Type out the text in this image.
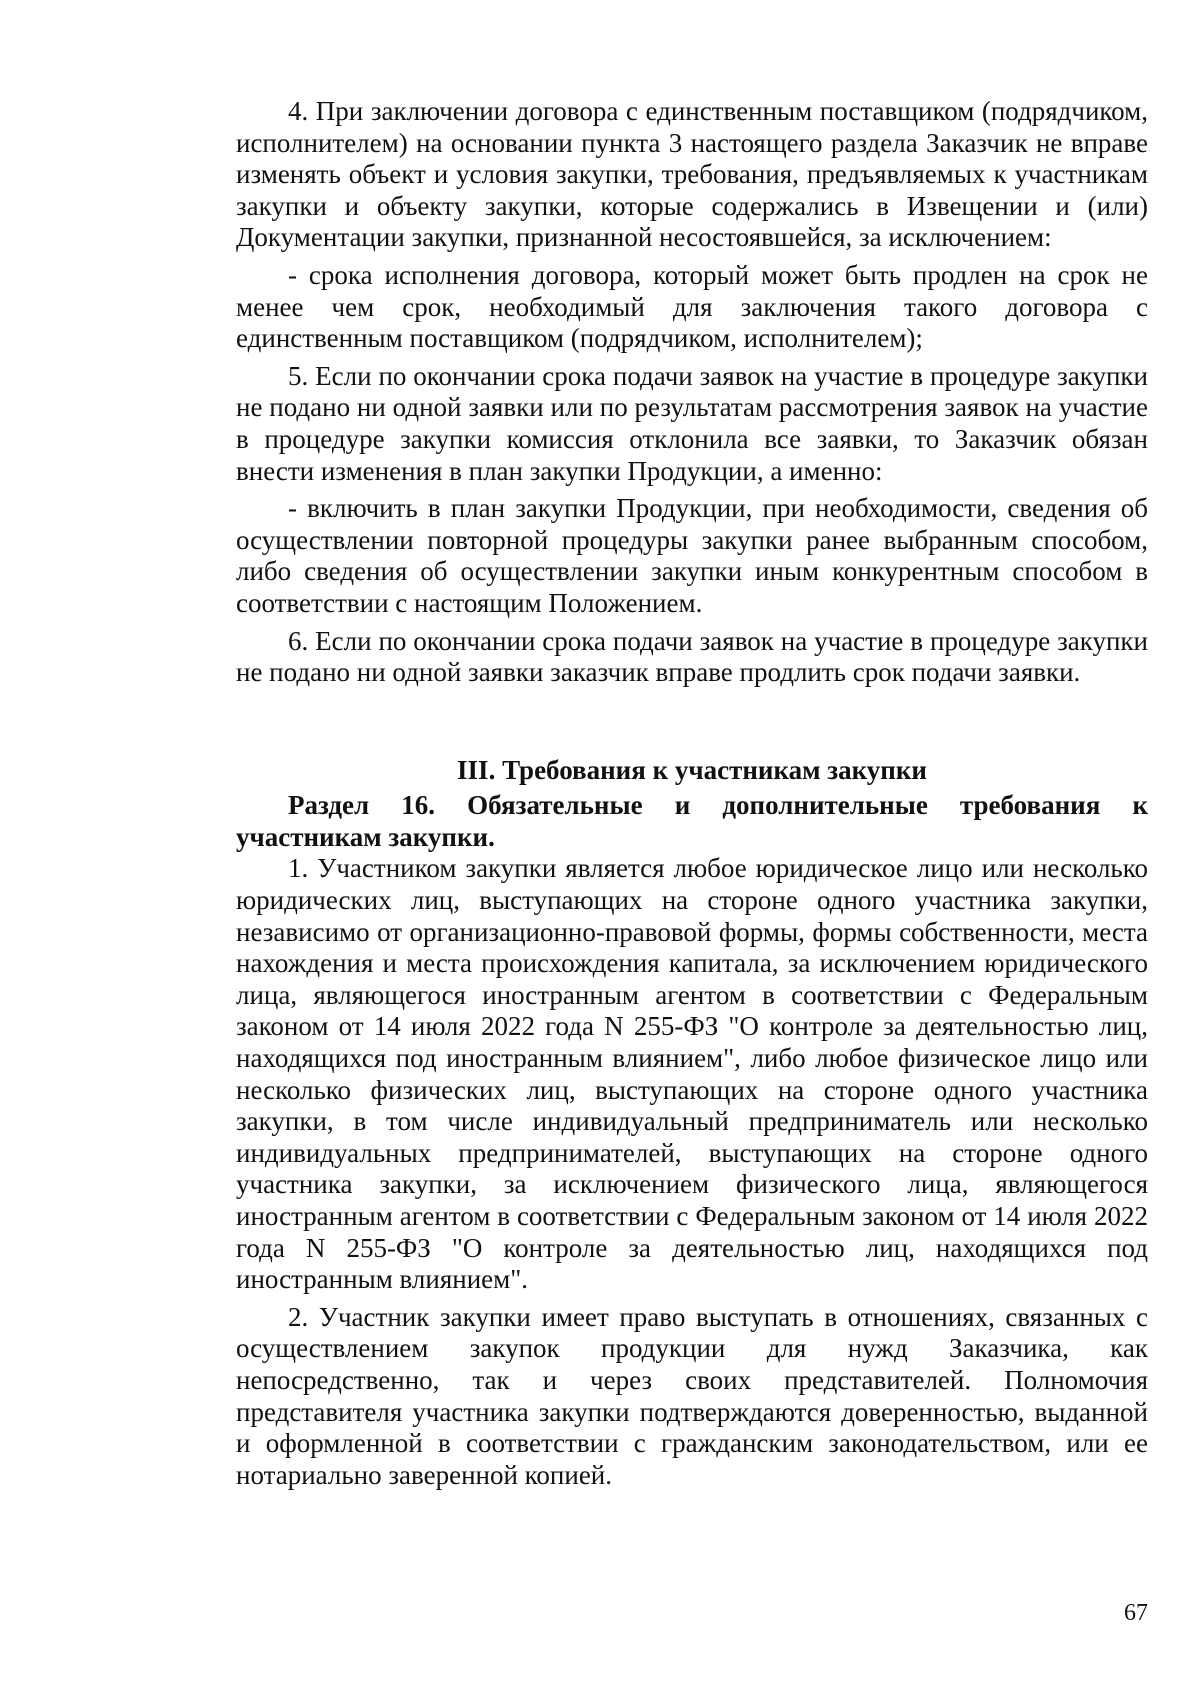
4. При заключении договора с единственным поставщиком (подрядчиком, исполнителем) на основании пункта 3 настоящего раздела Заказчик не вправе изменять объект и условия закупки, требования, предъявляемых к участникам закупки и объекту закупки, которые содержались в Извещении и (или) Документации закупки, признанной несостоявшейся, за исключением:

- срока исполнения договора, который может быть продлен на срок не менее чем срок, необходимый для заключения такого договора с единственным поставщиком (подрядчиком, исполнителем);

5. Если по окончании срока подачи заявок на участие в процедуре закупки не подано ни одной заявки или по результатам рассмотрения заявок на участие в процедуре закупки комиссия отклонила все заявки, то Заказчик обязан внести изменения в план закупки Продукции, а именно:

- включить в план закупки Продукции, при необходимости, сведения об осуществлении повторной процедуры закупки ранее выбранным способом, либо сведения об осуществлении закупки иным конкурентным способом в соответствии с настоящим Положением.

6. Если по окончании срока подачи заявок на участие в процедуре закупки не подано ни одной заявки заказчик вправе продлить срок подачи заявки.

III. Требования к участникам закупки

Раздел 16. Обязательные и дополнительные требования к участникам закупки.

1. Участником закупки является любое юридическое лицо или несколько юридических лиц, выступающих на стороне одного участника закупки, независимо от организационно-правовой формы, формы собственности, места нахождения и места происхождения капитала, за исключением юридического лица, являющегося иностранным агентом в соответствии с Федеральным законом от 14 июля 2022 года N 255-ФЗ "О контроле за деятельностью лиц, находящихся под иностранным влиянием", либо любое физическое лицо или несколько физических лиц, выступающих на стороне одного участника закупки, в том числе индивидуальный предприниматель или несколько индивидуальных предпринимателей, выступающих на стороне одного участника закупки, за исключением физического лица, являющегося иностранным агентом в соответствии с Федеральным законом от 14 июля 2022 года N 255-ФЗ "О контроле за деятельностью лиц, находящихся под иностранным влиянием".

2. Участник закупки имеет право выступать в отношениях, связанных с осуществлением закупок продукции для нужд Заказчика, как непосредственно, так и через своих представителей. Полномочия представителя участника закупки подтверждаются доверенностью, выданной и оформленной в соответствии с гражданским законодательством, или ее нотариально заверенной копией.

67
